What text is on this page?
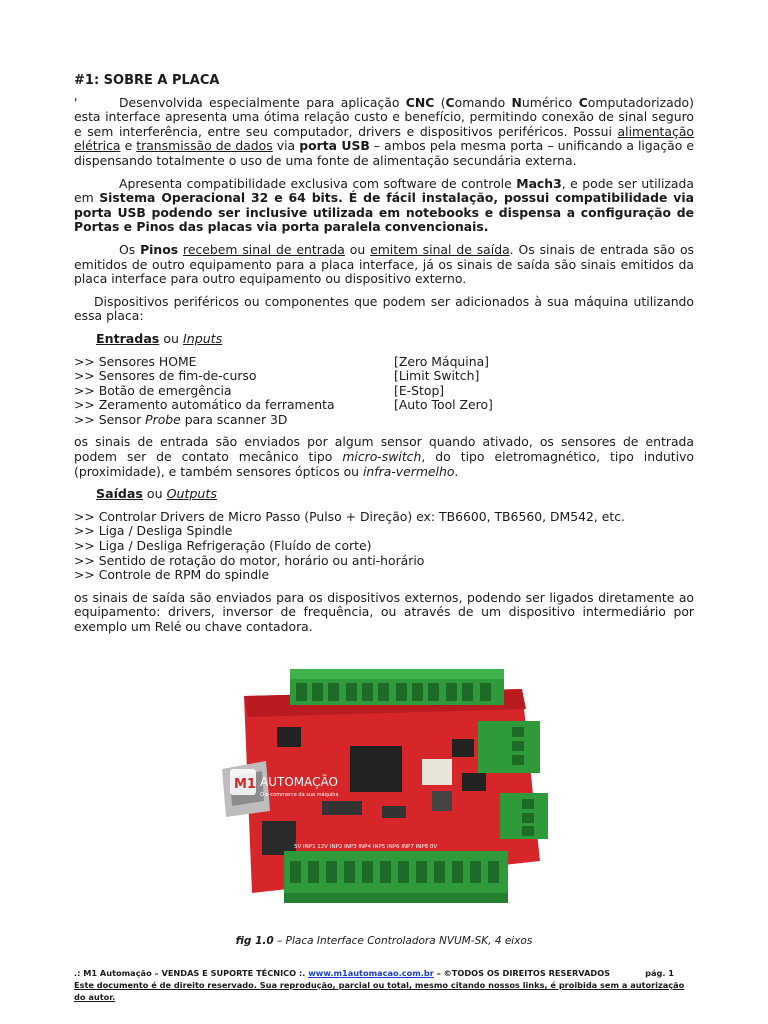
#1: SOBRE A PLACA

'	Desenvolvida especialmente para aplicação CNC (Comando Numérico Computadorizado) esta interface apresenta uma ótima relação custo e benefício, permitindo conexão de sinal seguro e sem interferência, entre seu computador, drivers e dispositivos periféricos. Possui alimentação elétrica e transmissão de dados via porta USB – ambos pela mesma porta – unificando a ligação e dispensando totalmente o uso de uma fonte de alimentação secundária externa.

Apresenta compatibilidade exclusiva com software de controle Mach3, e pode ser utilizada em Sistema Operacional 32 e 64 bits. É de fácil instalação, possui compatibilidade via porta USB podendo ser inclusive utilizada em notebooks e dispensa a configuração de Portas e Pinos das placas via porta paralela convencionais.

Os Pinos recebem sinal de entrada ou emitem sinal de saída. Os sinais de entrada são os emitidos de outro equipamento para a placa interface, já os sinais de saída são sinais emitidos da placa interface para outro equipamento ou dispositivo externo.

Dispositivos periféricos ou componentes que podem ser adicionados à sua máquina utilizando essa placa:

Entradas ou Inputs
>> Sensores HOME	[Zero Máquina]
>> Sensores de fim-de-curso	[Limit Switch]
>> Botão de emergência	[E-Stop]
>> Zeramento automático da ferramenta	[Auto Tool Zero]
>> Sensor Probe para scanner 3D

os sinais de entrada são enviados por algum sensor quando ativado, os sensores de entrada podem ser de contato mecânico tipo micro-switch, do tipo eletromagnético, tipo indutivo (proximidade), e também sensores ópticos ou infra-vermelho.

Saídas ou Outputs
>> Controlar Drivers de Micro Passo (Pulso + Direção) ex: TB6600, TB6560, DM542, etc.
>> Liga / Desliga Spindle
>> Liga / Desliga Refrigeração (Fluído de corte)
>> Sentido de rotação do motor, horário ou anti-horário
>> Controle de RPM do spindle

os sinais de saída são enviados para os dispositivos externos, podendo ser ligados diretamente ao equipamento: drivers, inversor de frequência, ou através de um dispositivo intermediário por exemplo um Relé ou chave contadora.

5V INP1 12V INP2 INP3 INP4 INP5 INP6 INP7 INP8 0V
M1 AUTOMAÇÃO
O e-commerce da sua máquina
fig 1.0 – Placa Interface Controladora NVUM-SK, 4 eixos
.: M1 Automação – VENDAS E SUPORTE TÉCNICO :. www.m1automacao.com.br – ©TODOS OS DIREITOS RESERVADOS	pág. 1
Este documento é de direito reservado. Sua reprodução, parcial ou total, mesmo citando nossos links, é proibida sem a autorização do autor.
